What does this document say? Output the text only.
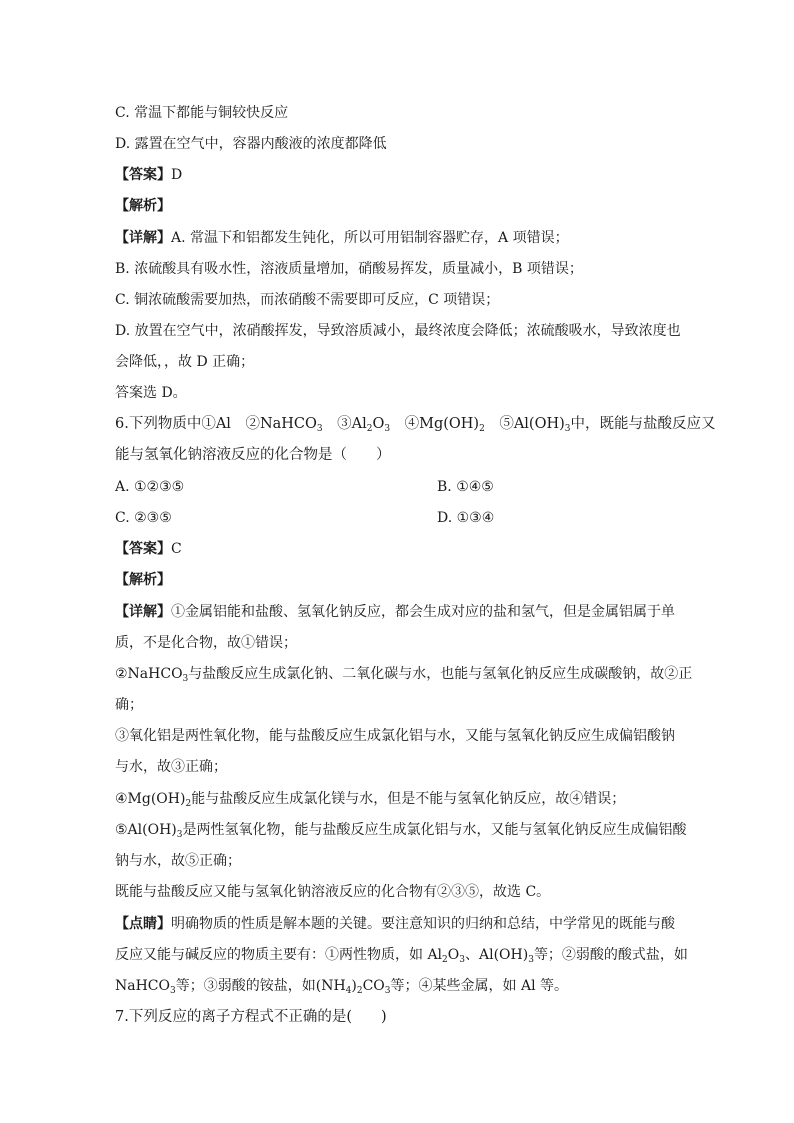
C. 常温下都能与铜较快反应
D. 露置在空气中，容器内酸液的浓度都降低
【答案】D
【解析】
【详解】A. 常温下和铝都发生钝化，所以可用铝制容器贮存，A 项错误；
B. 浓硫酸具有吸水性，溶液质量增加，硝酸易挥发，质量减小，B 项错误；
C. 铜浓硫酸需要加热，而浓硝酸不需要即可反应，C 项错误；
D. 放置在空气中，浓硝酸挥发，导致溶质减小，最终浓度会降低；浓硫酸吸水，导致浓度也
会降低，，故 D 正确；
答案选 D。
6.下列物质中①Al　②NaHCO$_3$　$③Al_2O_3$　$④Mg(OH)_2$　$⑤Al(OH)_3$中，既能与盐酸反应又
能与氢氧化钠溶液反应的化合物是（　　）
A. ①②③⑤	B. ①④⑤
C. ②③⑤	D. ①③④
【答案】C
【解析】
【详解】①金属铝能和盐酸、氢氧化钠反应，都会生成对应的盐和氢气，但是金属铝属于单
质，不是化合物，故①错误；
②NaHCO$_3$与盐酸反应生成氯化钠、二氧化碳与水，也能与氢氧化钠反应生成碳酸钠，故②正
确；
③氧化铝是两性氧化物，能与盐酸反应生成氯化铝与水，又能与氢氧化钠反应生成偏铝酸钠
与水，故③正确；
$④Mg(OH)_2$能与盐酸反应生成氯化镁与水，但是不能与氢氧化钠反应，故④错误；
$⑤Al(OH)_3$是两性氢氧化物，能与盐酸反应生成氯化铝与水，又能与氢氧化钠反应生成偏铝酸
钠与水，故⑤正确；
既能与盐酸反应又能与氢氧化钠溶液反应的化合物有②③⑤，故选 C。
【点睛】明确物质的性质是解本题的关键。要注意知识的归纳和总结，中学常见的既能与酸
反应又能与碱反应的物质主要有：①两性物质，如 $Al_2O_3$、$Al(OH)_3$等；②弱酸的酸式盐，如
NaHCO$_3$等；③弱酸的铵盐，如$(NH_4)_2CO_3$等；④某些金属，如 Al 等。
7.下列反应的离子方程式不正确的是(　　)
